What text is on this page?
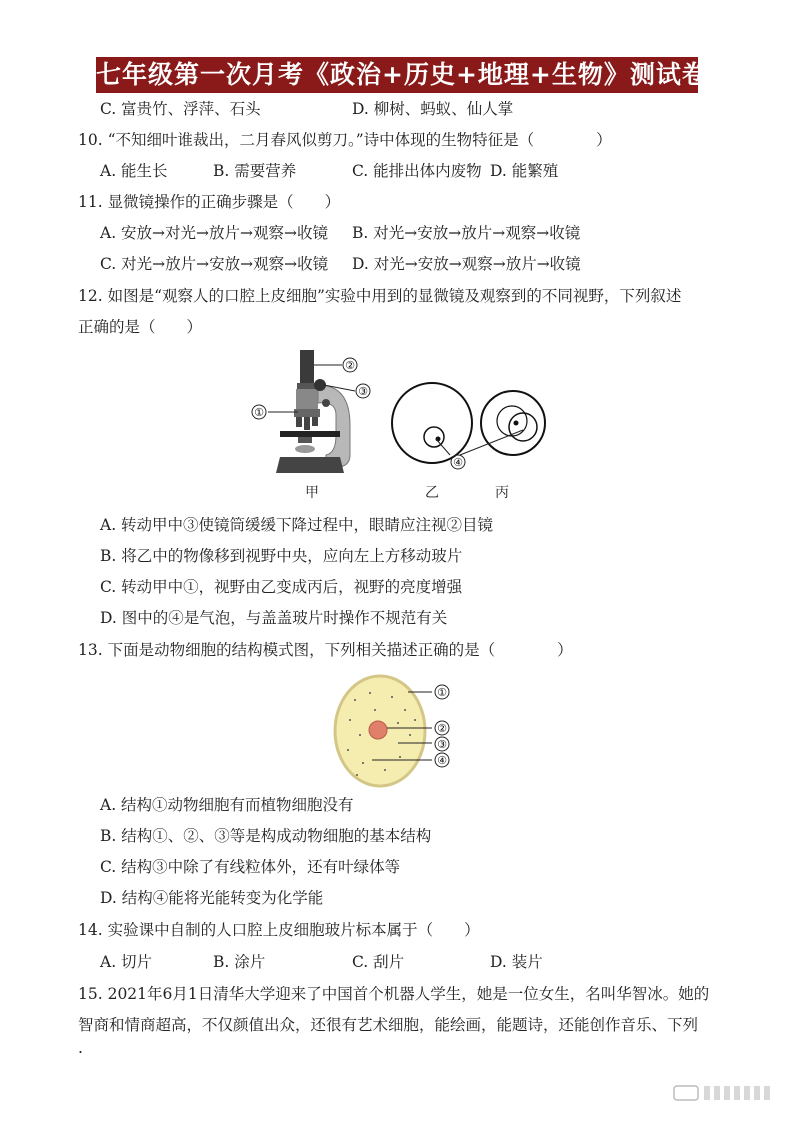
七年级第一次月考《政治+历史+地理+生物》测试卷
C. 富贵竹、浮萍、石头	D. 柳树、蚂蚁、仙人掌
10. “不知细叶谁裁出，二月春风似剪刀。”诗中体现的生物特征是（　　　　）
A. 能生长	B. 需要营养	C. 能排出体内废物 D. 能繁殖
11. 显微镜操作的正确步骤是（　　）
A. 安放→对光→放片→观察→收镜 B. 对光→安放→放片→观察→收镜
C. 对光→放片→安放→观察→收镜 D. 对光→安放→观察→放片→收镜
12. 如图是“观察人的口腔上皮细胞”实验中用到的显微镜及观察到的不同视野，下列叙述
正确的是（　　）
②
③
①
④
甲	乙	丙
A. 转动甲中③使镜筒缓缓下降过程中，眼睛应注视②目镜
B. 将乙中的物像移到视野中央，应向左上方移动玻片
C. 转动甲中①，视野由乙变成丙后，视野的亮度增强
D. 图中的④是气泡，与盖盖玻片时操作不规范有关
13. 下面是动物细胞的结构模式图，下列相关描述正确的是（　　　　）
①
②
③
④
A. 结构①动物细胞有而植物细胞没有
B. 结构①、②、③等是构成动物细胞的基本结构
C. 结构③中除了有线粒体外，还有叶绿体等
D. 结构④能将光能转变为化学能
14. 实验课中自制的人口腔上皮细胞玻片标本属于（　　）
A. 切片	B. 涂片	C. 刮片	D. 装片
15. 2021年6月1日清华大学迎来了中国首个机器人学生，她是一位女生，名叫华智冰。她的
智商和情商超高，不仅颜值出众，还很有艺术细胞，能绘画，能题诗，还能创作音乐、下列
.
